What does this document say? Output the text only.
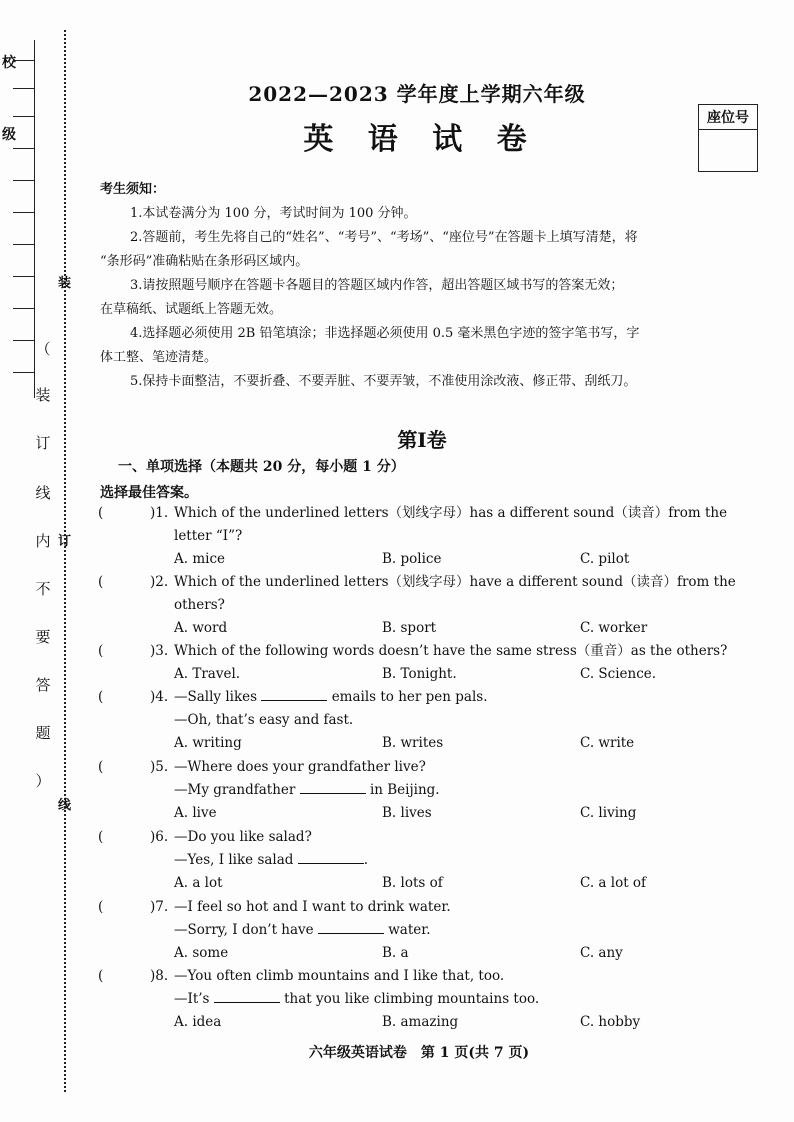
校
级
装
订
线
（
装
订
线
内
不
要
答
题
）
2022—2023 学年度上学期六年级
英 语 试 卷
座位号
考生须知：

1.本试卷满分为 100 分，考试时间为 100 分钟。

2.答题前，考生先将自己的“姓名”、“考号”、“考场”、“座位号”在答题卡上填写清楚，将

“条形码”准确粘贴在条形码区域内。

3.请按照题号顺序在答题卡各题目的答题区域内作答，超出答题区域书写的答案无效；

在草稿纸、试题纸上答题无效。

4.选择题必须使用 2B 铅笔填涂；非选择题必须使用 0.5 毫米黑色字迹的签字笔书写，字

体工整、笔迹清楚。

5.保持卡面整洁，不要折叠、不要弄脏、不要弄皱，不准使用涂改液、修正带、刮纸刀。

第Ⅰ卷
一、单项选择（本题共 20 分，每小题 1 分）
选择最佳答案。
(	)1. Which of the underlined letters（划线字母）has a different sound（读音）from the
letter “I”?
A. mice	B. police	C. pilot
(	)2. Which of the underlined letters（划线字母）have a different sound（读音）from the
others?
A. word	B. sport	C. worker
(	)3. Which of the following words doesn’t have the same stress（重音）as the others?
A. Travel.	B. Tonight.	C. Science.
(	)4. —Sally likes	emails to her pen pals.
—Oh, that’s easy and fast.
A. writing	B. writes	C. write
(	)5. —Where does your grandfather live?
—My grandfather	in Beijing.
A. live	B. lives	C. living
(	)6. —Do you like salad?
—Yes, I like salad	.
A. a lot	B. lots of	C. a lot of
(	)7. —I feel so hot and I want to drink water.
—Sorry, I don’t have	water.
A. some	B. a	C. any
(	)8. —You often climb mountains and I like that, too.
—It’s	that you like climbing mountains too.
A. idea	B. amazing	C. hobby
六年级英语试卷　第 1 页(共 7 页)
